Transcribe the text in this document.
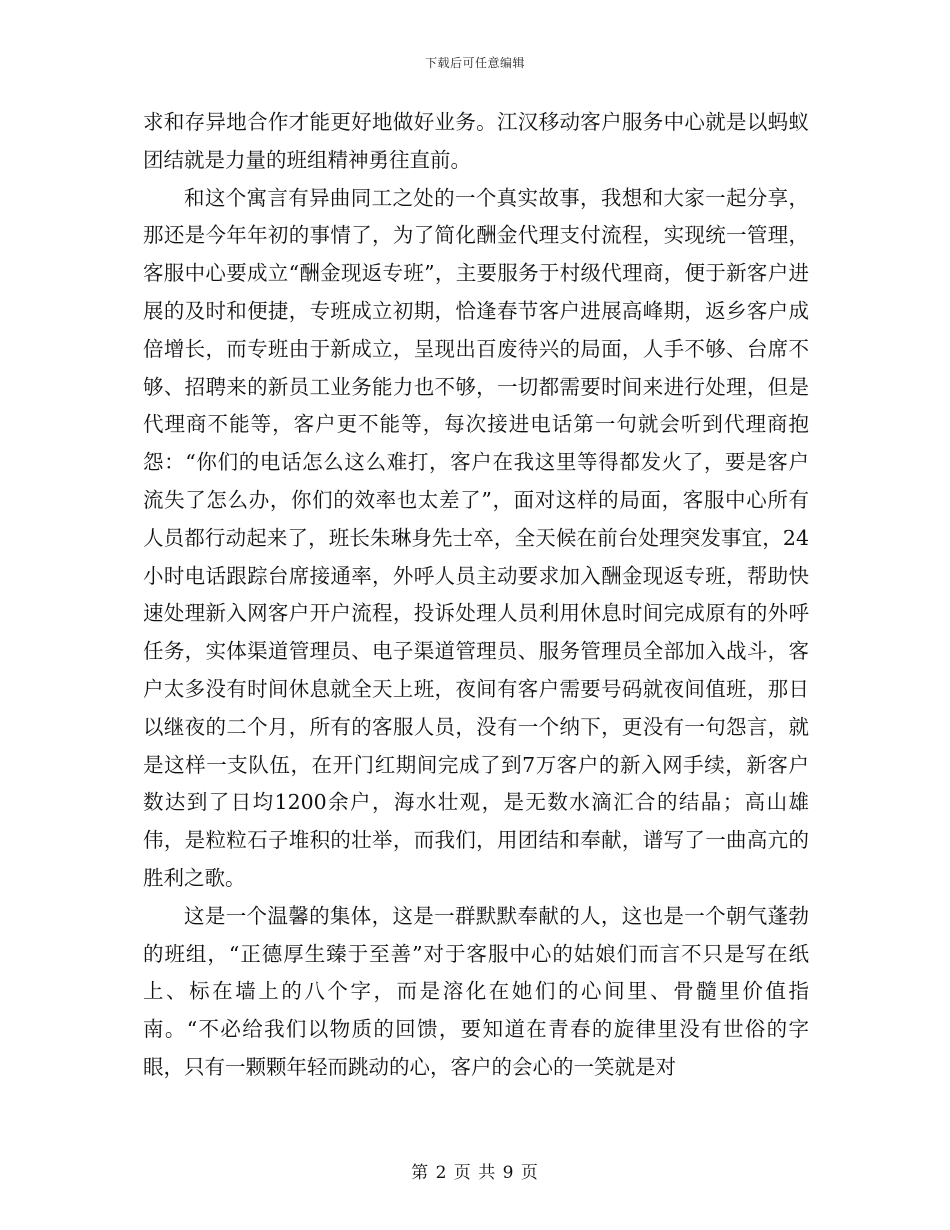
下载后可任意编辑

求和存异地合作才能更好地做好业务。江汉移动客户服务中心就是以蚂蚁团结就是力量的班组精神勇往直前。

和这个寓言有异曲同工之处的一个真实故事，我想和大家一起分享，那还是今年年初的事情了，为了简化酬金代理支付流程，实现统一管理，客服中心要成立“酬金现返专班”，主要服务于村级代理商，便于新客户进展的及时和便捷，专班成立初期，恰逢春节客户进展高峰期，返乡客户成倍增长，而专班由于新成立，呈现出百废待兴的局面，人手不够、台席不够、招聘来的新员工业务能力也不够，一切都需要时间来进行处理，但是代理商不能等，客户更不能等，每次接进电话第一句就会听到代理商抱怨：“你们的电话怎么这么难打，客户在我这里等得都发火了，要是客户流失了怎么办，你们的效率也太差了”，面对这样的局面，客服中心所有人员都行动起来了，班长朱琳身先士卒，全天候在前台处理突发事宜，24小时电话跟踪台席接通率，外呼人员主动要求加入酬金现返专班，帮助快速处理新入网客户开户流程，投诉处理人员利用休息时间完成原有的外呼任务，实体渠道管理员、电子渠道管理员、服务管理员全部加入战斗，客户太多没有时间休息就全天上班，夜间有客户需要号码就夜间值班，那日以继夜的二个月，所有的客服人员，没有一个纳下，更没有一句怨言，就是这样一支队伍，在开门红期间完成了到7万客户的新入网手续，新客户数达到了日均1200余户，海水壮观，是无数水滴汇合的结晶；高山雄伟，是粒粒石子堆积的壮举，而我们，用团结和奉献，谱写了一曲高亢的胜利之歌。

这是一个温馨的集体，这是一群默默奉献的人，这也是一个朝气蓬勃的班组，“正德厚生臻于至善”对于客服中心的姑娘们而言不只是写在纸上、标在墙上的八个字，而是溶化在她们的心间里、骨髓里价值指南。“不必给我们以物质的回馈，要知道在青春的旋律里没有世俗的字眼，只有一颗颗年轻而跳动的心，客户的会心的一笑就是对

第 2 页 共 9 页
